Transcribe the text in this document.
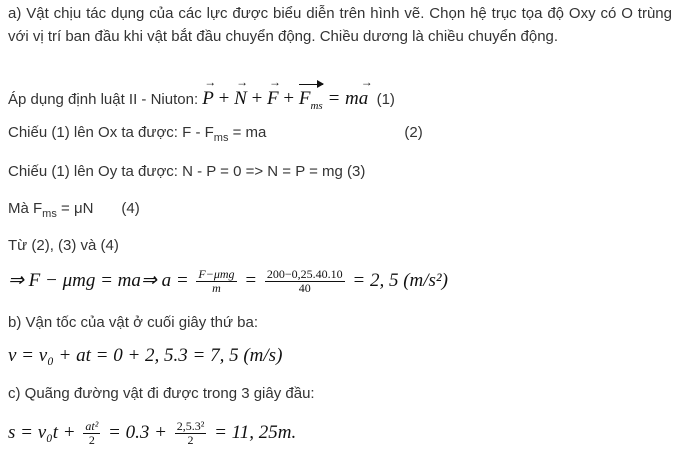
a) Vật chịu tác dụng của các lực được biểu diễn trên hình vẽ. Chọn hệ trục tọa độ Oxy có O trùng với vị trí ban đầu khi vật bắt đầu chuyển động. Chiều dương là chiều chuyển động.
Áp dụng định luật II - Niuton: → P + → N + → $F + F_{ms} = m\to a$ (1)
Chiếu (1) lên Ox ta được: F - $F_{ms}$ = ma	(2)
Chiếu (1) lên Oy ta được: N - P = 0 => N = P = mg (3)
Mà $F_{ms} = \mu N$ (4)
Từ (2), (3) và (4)
⇒ F − μmg = ma⇒ $a = \frac{\text{F−μmg}}{m} = \frac{200-0,25.40.10}{40} = 2$, 5 (m/s²)
b) Vận tốc của vật ở cuối giây thứ ba:
v = v₀ + at = 0 + 2, 5.3 = 7, 5 (m/s)
c) Quãng đường vật đi được trong 3 giây đầu:
$s = v_0t + \frac{\text{at²}}{2} = 0.3 + \frac{\text{2,5.3²}}{2} = 11$, 25m.
